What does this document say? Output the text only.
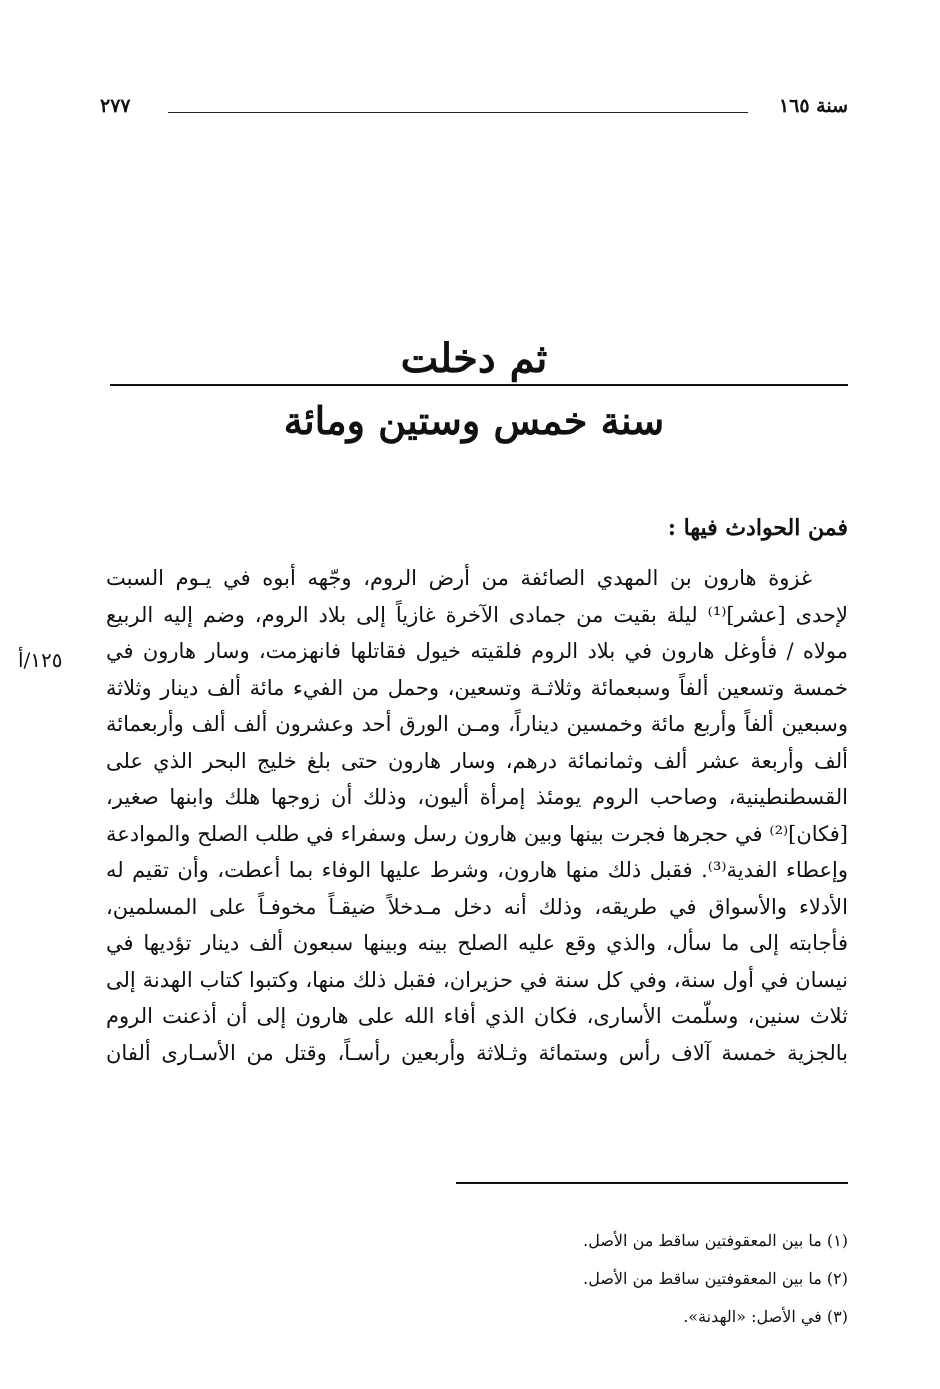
سنة ١٦٥
٢٧٧
ثم دخلت
سنة خمس وستين ومائة
فمن الحوادث فيها :
غزوة هارون بن المهدي الصائفة من أرض الروم، وجّهه أبوه في يـوم السبت
لإحدى [عشر]⁽¹⁾ ليلة بقيت من جمادى الآخرة غازياً إلى بلاد الروم، وضم إليه الربيع
مولاه / فأوغل هارون في بلاد الروم فلقيته خيول فقاتلها فانهزمت، وسار هارون في
خمسة وتسعين ألفاً وسبعمائة وثلاثـة وتسعين، وحمل من الفيء مائة ألف دينار وثلاثة
وسبعين ألفاً وأربع مائة وخمسين ديناراً، ومـن الورق أحد وعشرون ألف ألف وأربعمائة
ألف وأربعة عشر ألف وثمانمائة درهم، وسار هارون حتى بلغ خليج البحر الذي على
القسطنطينية، وصاحب الروم يومئذ إمرأة أليون، وذلك أن زوجها هلك وابنها صغير،
[فكان]⁽²⁾ في حجرها فجرت بينها وبين هارون رسل وسفراء في طلب الصلح والموادعة
وإعطاء الفدية⁽³⁾. فقبل ذلك منها هارون، وشرط عليها الوفاء بما أعطت، وأن تقيم له
الأدلاء والأسواق في طريقه، وذلك أنه دخل مـدخلاً ضيقـاً مخوفـاً على المسلمين،
فأجابته إلى ما سأل، والذي وقع عليه الصلح بينه وبينها سبعون ألف دينار تؤديها في
نيسان في أول سنة، وفي كل سنة في حزيران، فقبل ذلك منها، وكتبوا كتاب الهدنة إلى
ثلاث سنين، وسلّمت الأسارى، فكان الذي أفاء الله على هارون إلى أن أذعنت الروم
بالجزية خمسة آلاف رأس وستمائة وثـلاثة وأربعين رأسـاً، وقتل من الأسـارى ألفان
١٢٥/أ
(١) ما بين المعقوفتين ساقط من الأصل.
(٢) ما بين المعقوفتين ساقط من الأصل.
(٣) في الأصل: «الهدنة».
